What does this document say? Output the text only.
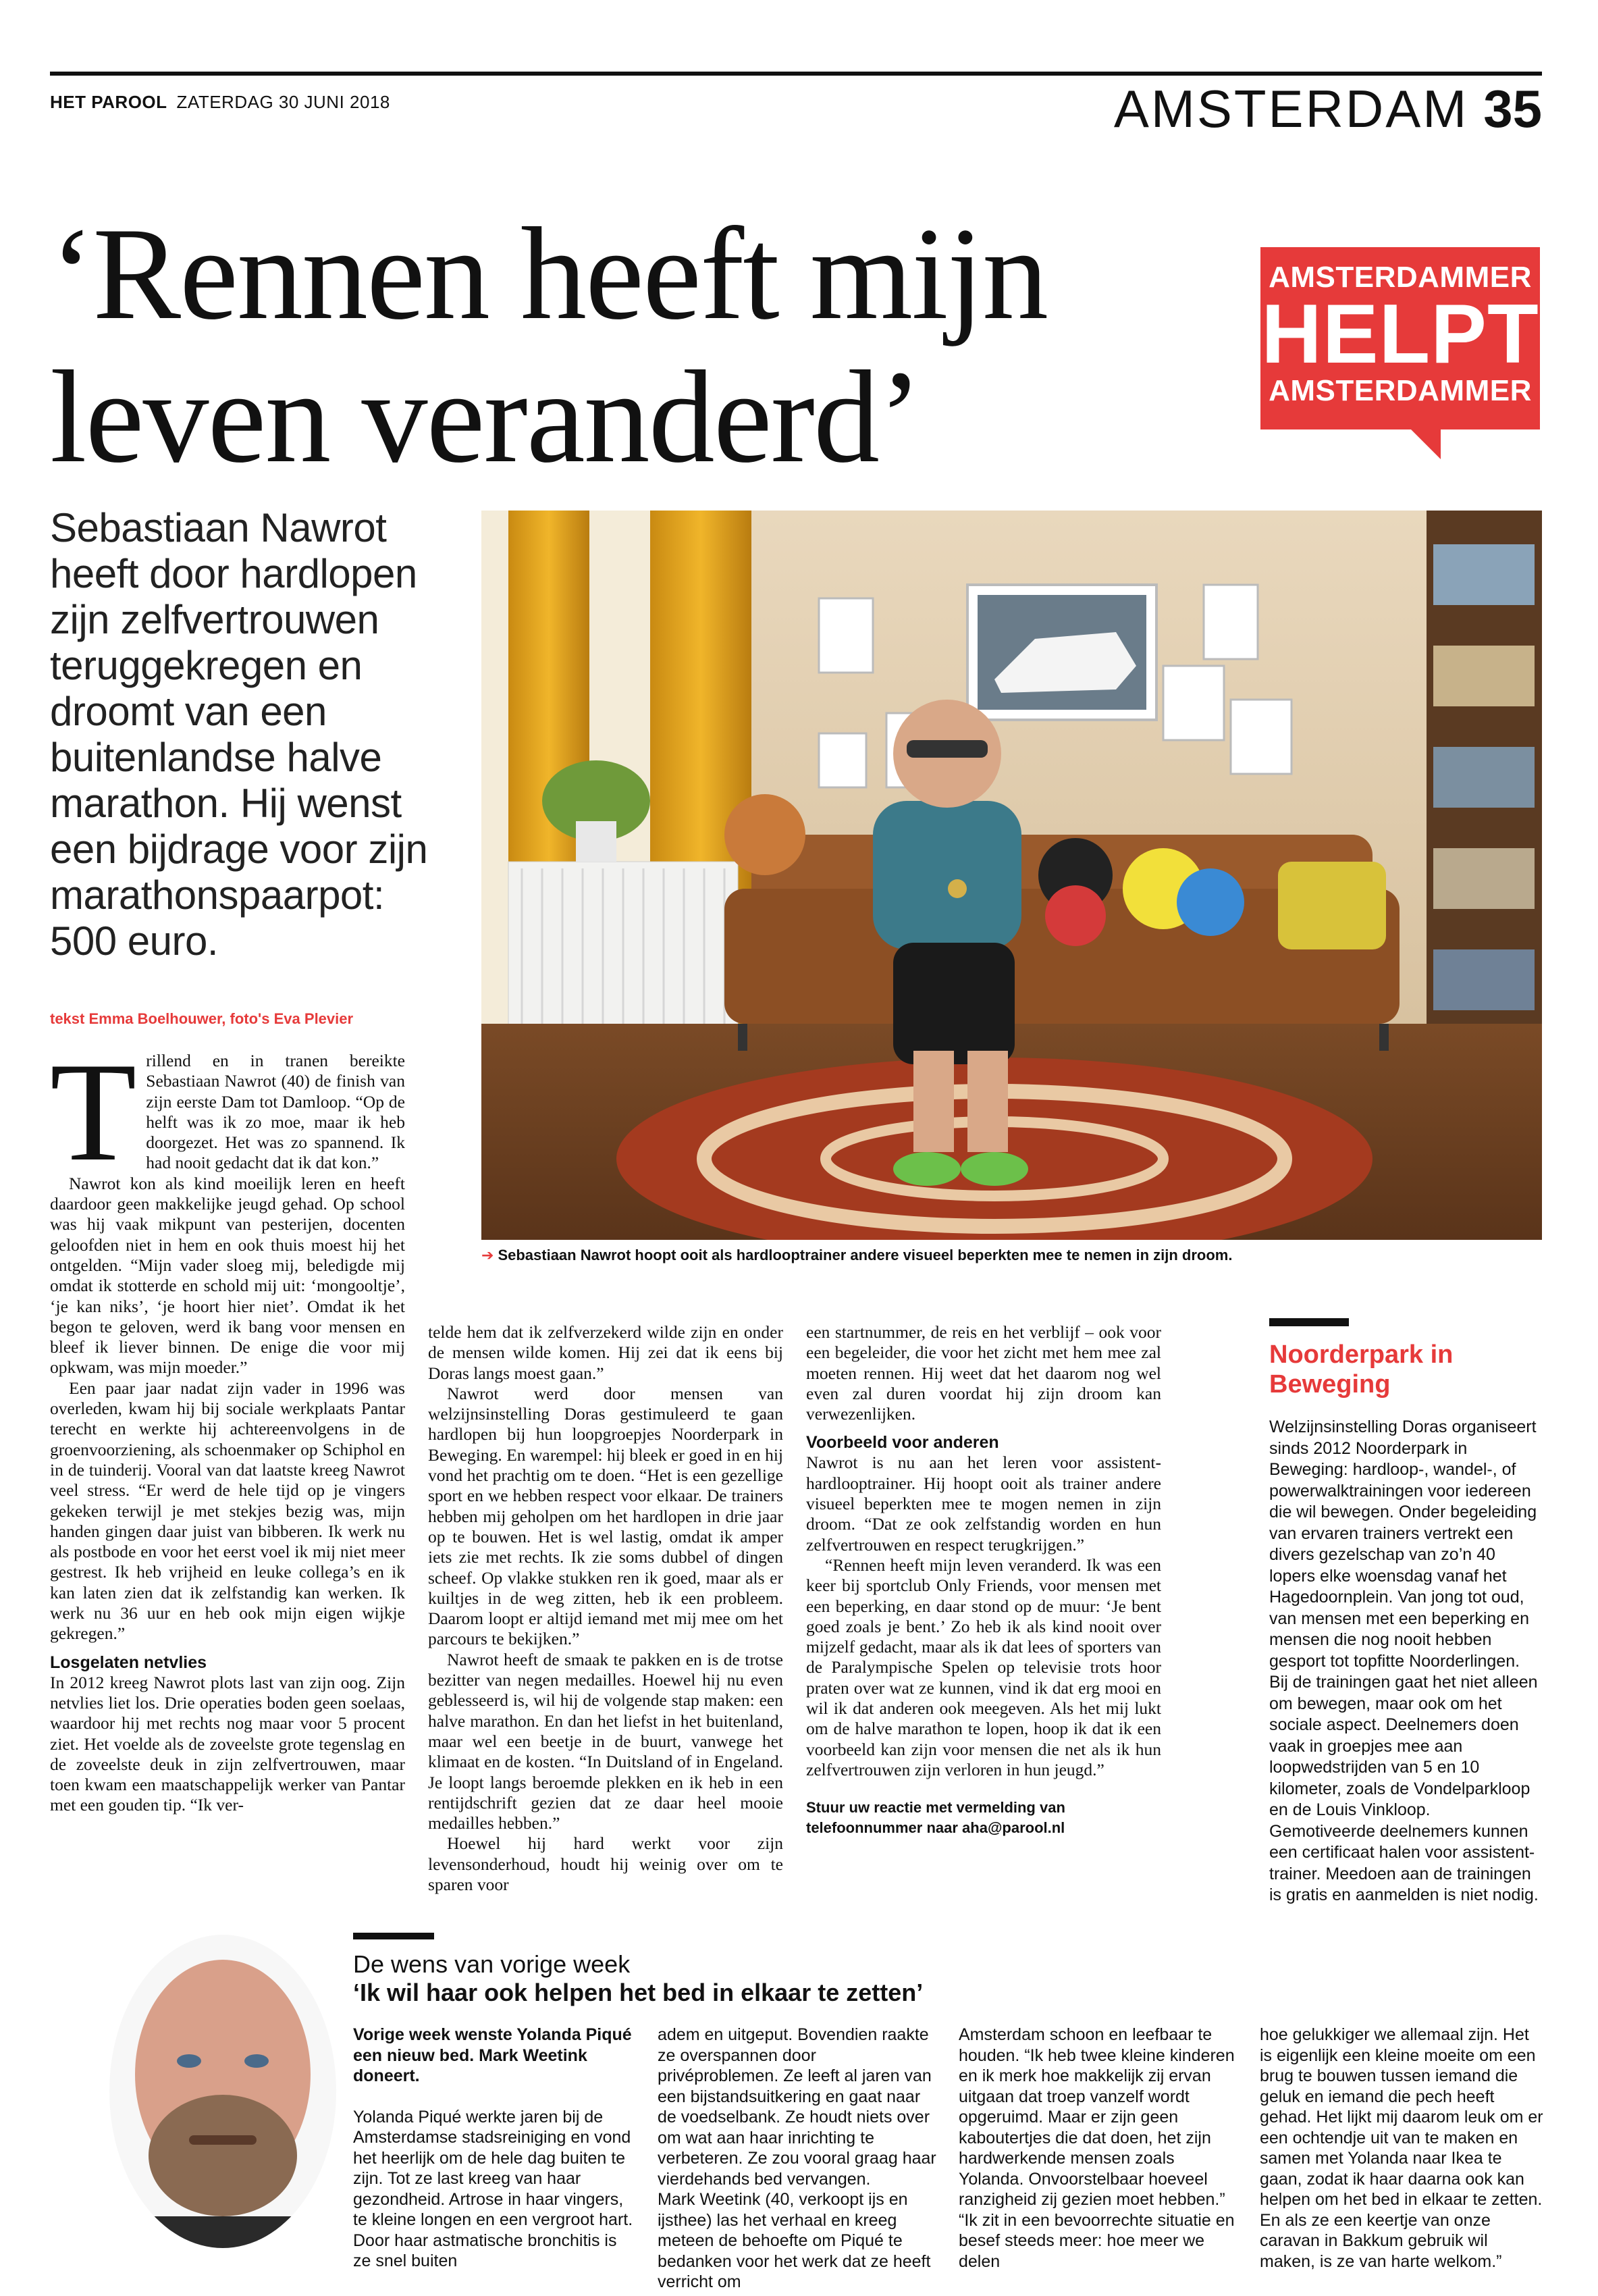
HET PAROOL ZATERDAG 30 JUNI 2018	AMSTERDAM 35
‘Rennen heeft mijn
leven veranderd’
AMSTERDAMMER
HELPT
AMSTERDAMMER

Sebastiaan Nawrot heeft door hardlopen zijn zelfvertrouwen teruggekregen en droomt van een buitenlandse halve marathon. Hij wenst een bijdrage voor zijn marathonspaarpot: 500 euro.

➔ Sebastiaan Nawrot hoopt ooit als hardlooptrainer andere visueel beperkten mee te nemen in zijn droom.
tekst Emma Boelhouwer, foto's Eva Plevier
T rillend en in tranen bereikte Sebastiaan Nawrot (40) de finish van zijn eerste Dam tot Damloop. “Op de helft was ik zo moe, maar ik heb doorgezet. Het was zo spannend. Ik had nooit gedacht dat ik dat kon.”

Nawrot kon als kind moeilijk leren en heeft daardoor geen makkelijke jeugd gehad. Op school was hij vaak mikpunt van pesterijen, docenten geloofden niet in hem en ook thuis moest hij het ontgelden. “Mijn vader sloeg mij, beledigde mij omdat ik stotterde en schold mij uit: ‘mongooltje’, ‘je kan niks’, ‘je hoort hier niet’. Omdat ik het begon te geloven, werd ik bang voor mensen en bleef ik liever binnen. De enige die voor mij opkwam, was mijn moeder.”

Een paar jaar nadat zijn vader in 1996 was overleden, kwam hij bij sociale werkplaats Pantar terecht en werkte hij achtereenvolgens in de groenvoorziening, als schoenmaker op Schiphol en in de tuinderij. Vooral van dat laatste kreeg Nawrot veel stress. “Er werd de hele tijd op je vingers gekeken terwijl je met stekjes bezig was, mijn handen gingen daar juist van bibberen. Ik werk nu als postbode en voor het eerst voel ik mij niet meer gestrest. Ik heb vrijheid en leuke collega’s en ik kan laten zien dat ik zelfstandig kan werken. Ik werk nu 36 uur en heb ook mijn eigen wijkje gekregen.”

Losgelaten netvlies

In 2012 kreeg Nawrot plots last van zijn oog. Zijn netvlies liet los. Drie operaties boden geen soelaas, waardoor hij met rechts nog maar voor 5 procent ziet. Het voelde als de zoveelste grote tegenslag en de zoveelste deuk in zijn zelfvertrouwen, maar toen kwam een maatschappelijk werker van Pantar met een gouden tip. “Ik ver-

telde hem dat ik zelfverzekerd wilde zijn en onder de mensen wilde komen. Hij zei dat ik eens bij Doras langs moest gaan.”

Nawrot werd door mensen van welzijnsinstelling Doras gestimuleerd te gaan hardlopen bij hun loopgroepjes Noorderpark in Beweging. En warempel: hij bleek er goed in en hij vond het prachtig om te doen. “Het is een gezellige sport en we hebben respect voor elkaar. De trainers hebben mij geholpen om het hardlopen in drie jaar op te bouwen. Het is wel lastig, omdat ik amper iets zie met rechts. Ik zie soms dubbel of dingen scheef. Op vlakke stukken ren ik goed, maar als er kuiltjes in de weg zitten, heb ik een probleem. Daarom loopt er altijd iemand met mij mee om het parcours te bekijken.”

Nawrot heeft de smaak te pakken en is de trotse bezitter van negen medailles. Hoewel hij nu even geblesseerd is, wil hij de volgende stap maken: een halve marathon. En dan het liefst in het buitenland, maar wel een beetje in de buurt, vanwege het klimaat en de kosten. “In Duitsland of in Engeland. Je loopt langs beroemde plekken en ik heb in een rentijdschrift gezien dat ze daar heel mooie medailles hebben.”

Hoewel hij hard werkt voor zijn levensonderhoud, houdt hij weinig over om te sparen voor

een startnummer, de reis en het verblijf – ook voor een begeleider, die voor het zicht met hem mee zal moeten rennen. Hij weet dat het daarom nog wel even zal duren voordat hij zijn droom kan verwezenlijken.

Voorbeeld voor anderen

Nawrot is nu aan het leren voor assistent-hardlooptrainer. Hij hoopt ooit als trainer andere visueel beperkten mee te mogen nemen in zijn droom. “Dat ze ook zelfstandig worden en hun zelfvertrouwen en respect terugkrijgen.”

“Rennen heeft mijn leven veranderd. Ik was een keer bij sportclub Only Friends, voor mensen met een beperking, en daar stond op de muur: ‘Je bent goed zoals je bent.’ Zo heb ik als kind nooit over mijzelf gedacht, maar als ik dat lees of sporters van de Paralympische Spelen op televisie trots hoor praten over wat ze kunnen, vind ik dat erg mooi en wil ik dat anderen ook meegeven. Als het mij lukt om de halve marathon te lopen, hoop ik dat ik een voorbeeld kan zijn voor mensen die net als ik hun zelfvertrouwen zijn verloren in hun jeugd.”

Stuur uw reactie met vermelding van telefoonnummer naar aha@parool.nl
Noorderpark in Beweging

Welzijnsinstelling Doras organiseert sinds 2012 Noorderpark in Beweging: hardloop-, wandel-, of powerwalktrainingen voor iedereen die wil bewegen. Onder begeleiding van ervaren trainers vertrekt een divers gezelschap van zo’n 40 lopers elke woensdag vanaf het Hagedoornplein. Van jong tot oud, van mensen met een beperking en mensen die nog nooit hebben gesport tot topfitte Noorderlingen. Bij de trainingen gaat het niet alleen om bewegen, maar ook om het sociale aspect. Deelnemers doen vaak in groepjes mee aan loopwedstrijden van 5 en 10 kilometer, zoals de Vondelparkloop en de Louis Vinkloop. Gemotiveerde deelnemers kunnen een certificaat halen voor assistent-trainer. Meedoen aan de trainingen is gratis en aanmelden is niet nodig.

De wens van vorige week
‘Ik wil haar ook helpen het bed in elkaar te zetten’

Vorige week wenste Yolanda Piqué een nieuw bed. Mark Weetink doneert.

Yolanda Piqué werkte jaren bij de Amsterdamse stadsreiniging en vond het heerlijk om de hele dag buiten te zijn. Tot ze last kreeg van haar gezondheid. Artrose in haar vingers, te kleine longen en een vergroot hart. Door haar astmatische bronchitis is ze snel buiten

adem en uitgeput. Bovendien raakte ze overspannen door privéproblemen. Ze leeft al jaren van een bijstandsuitkering en gaat naar de voedselbank. Ze houdt niets over om wat aan haar inrichting te verbeteren. Ze zou vooral graag haar vierdehands bed vervangen.

Mark Weetink (40, verkoopt ijs en ijsthee) las het verhaal en kreeg meteen de behoefte om Piqué te bedanken voor het werk dat ze heeft verricht om

Amsterdam schoon en leefbaar te houden. “Ik heb twee kleine kinderen en ik merk hoe makkelijk zij ervan uitgaan dat troep vanzelf wordt opgeruimd. Maar er zijn geen kaboutertjes die dat doen, het zijn hardwerkende mensen zoals Yolanda. Onvoorstelbaar hoeveel ranzigheid zij gezien moet hebben.”

“Ik zit in een bevoorrechte situatie en besef steeds meer: hoe meer we delen

hoe gelukkiger we allemaal zijn. Het is eigenlijk een kleine moeite om een brug te bouwen tussen iemand die geluk en iemand die pech heeft gehad. Het lijkt mij daarom leuk om er een ochtendje uit van te maken en samen met Yolanda naar Ikea te gaan, zodat ik haar daarna ook kan helpen om het bed in elkaar te zetten. En als ze een keertje van onze caravan in Bakkum gebruik wil maken, is ze van harte welkom.”
